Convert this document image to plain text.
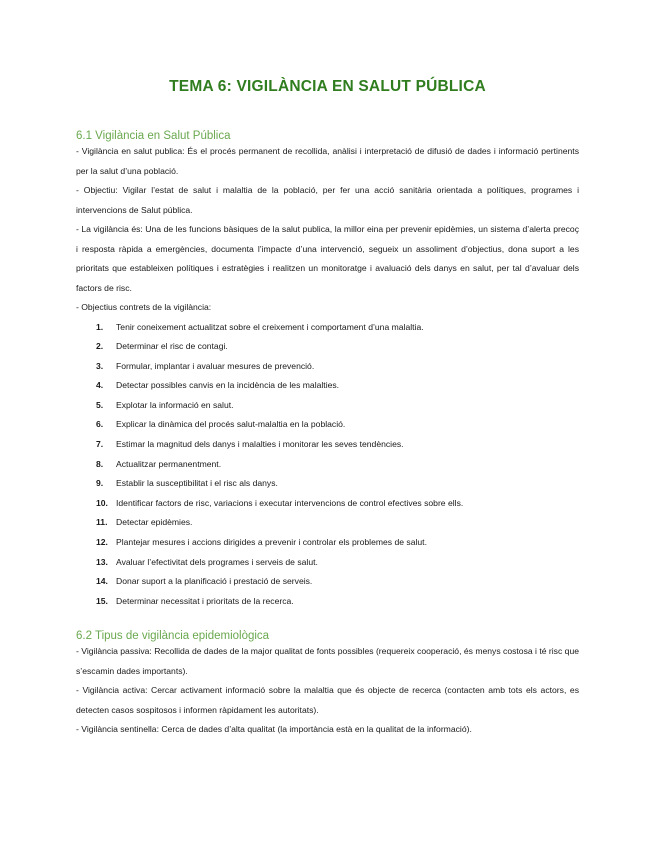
TEMA 6: VIGILÀNCIA EN SALUT PÚBLICA
6.1 Vigilància en Salut Pública

- Vigilància en salut publica: És el procés permanent de recollida, anàlisi i interpretació de difusió de dades i informació pertinents per la salut d’una població.

- Objectiu: Vigilar l’estat de salut i malaltia de la població, per fer una acció sanitària orientada a polítiques, programes i intervencions de Salut pública.

- La vigilància és: Una de les funcions bàsiques de la salut publica, la millor eina per prevenir epidèmies, un sistema d’alerta precoç i resposta ràpida a emergències, documenta l’impacte d’una intervenció, segueix un assoliment d’objectius, dona suport a les prioritats que estableixen polítiques i estratègies i realitzen un monitoratge i avaluació dels danys en salut, per tal d’avaluar dels factors de risc.

- Objectius contrets de la vigilància:

1. Tenir coneixement actualitzat sobre el creixement i comportament d’una malaltia.
2. Determinar el risc de contagi.
3. Formular, implantar i avaluar mesures de prevenció.
4. Detectar possibles canvis en la incidència de les malalties.
5. Explotar la informació en salut.
6. Explicar la dinàmica del procés salut-malaltia en la població.
7. Estimar la magnitud dels danys i malalties i monitorar les seves tendències.
8. Actualitzar permanentment.
9. Establir la susceptibilitat i el risc als danys.
10. Identificar factors de risc, variacions i executar intervencions de control efectives sobre ells.
11. Detectar epidèmies.
12. Plantejar mesures i accions dirigides a prevenir i controlar els problemes de salut.
13. Avaluar l’efectivitat dels programes i serveis de salut.
14. Donar suport a la planificació i prestació de serveis.
15. Determinar necessitat i prioritats de la recerca.
6.2 Tipus de vigilància epidemiològica

- Vigilància passiva: Recollida de dades de la major qualitat de fonts possibles (requereix cooperació, és menys costosa i té risc que s’escamin dades importants).

- Vigilància activa: Cercar activament informació sobre la malaltia que és objecte de recerca (contacten amb tots els actors, es detecten casos sospitosos i informen ràpidament les autoritats).

- Vigilància sentinella: Cerca de dades d’alta qualitat (la importància està en la qualitat de la informació).
